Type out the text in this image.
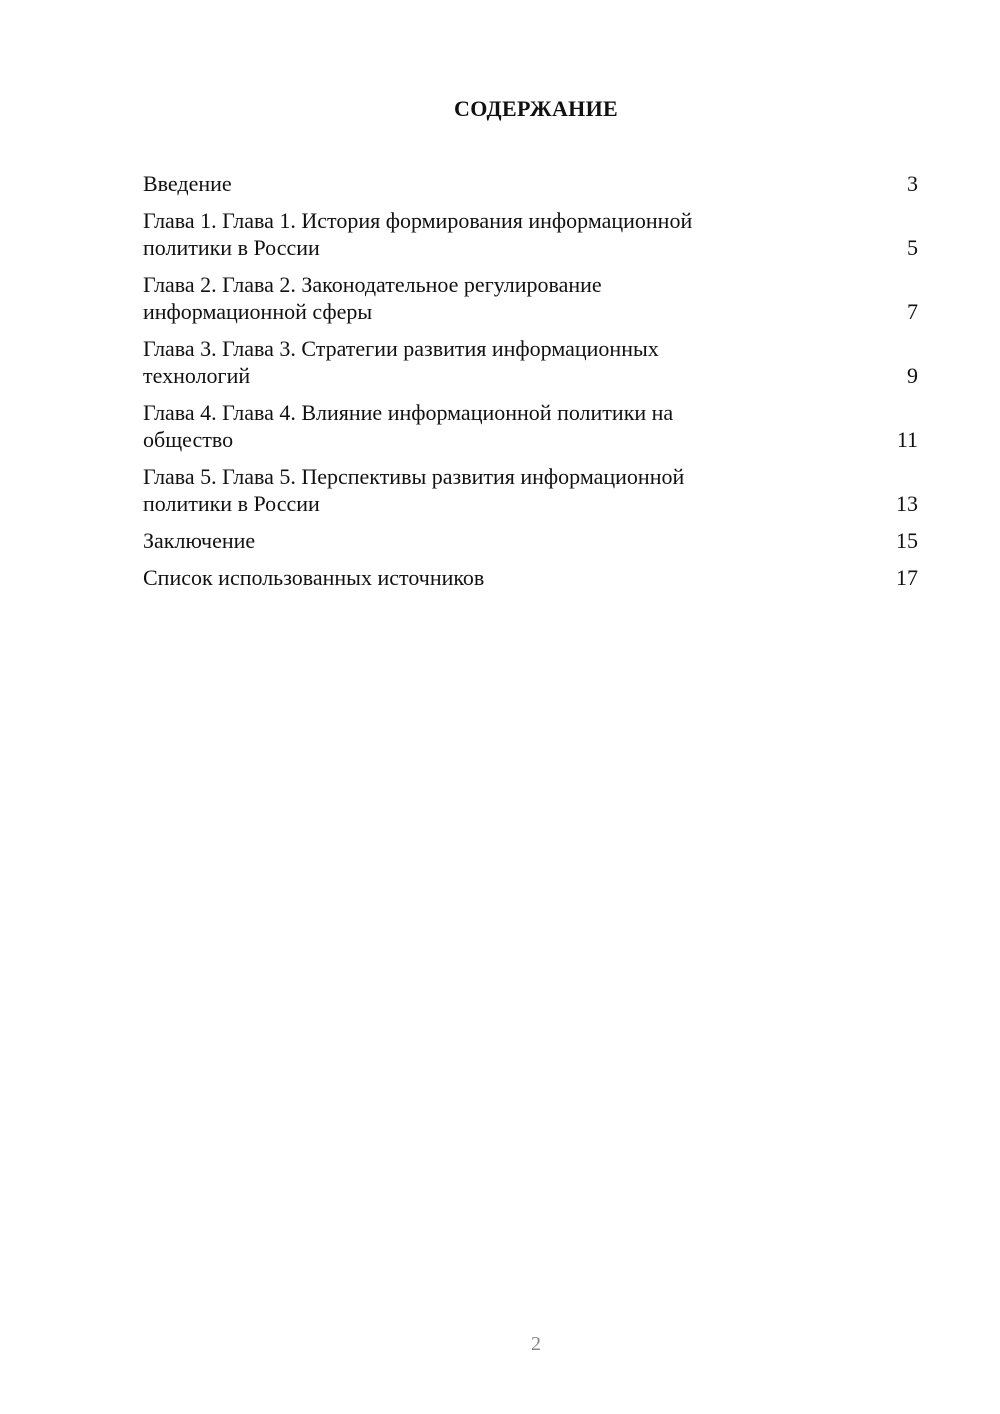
СОДЕРЖАНИЕ
Введение	3
Глава 1. Глава 1. История формирования информационной
политики в России	5
Глава 2. Глава 2. Законодательное регулирование
информационной сферы	7
Глава 3. Глава 3. Стратегии развития информационных
технологий	9
Глава 4. Глава 4. Влияние информационной политики на
общество	11
Глава 5. Глава 5. Перспективы развития информационной
политики в России	13
Заключение	15
Список использованных источников	17
2
